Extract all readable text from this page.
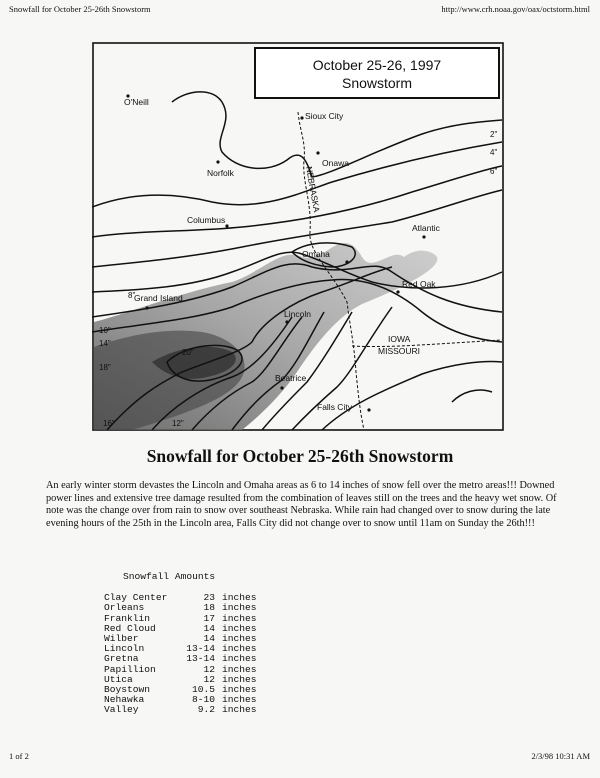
Snowfall for October 25-26th Snowstorm	http://www.crh.noaa.gov/oax/octstorm.html
October 25-26, 1997
Snowstorm
O'Neill
Sioux City
Onawa
Norfolk
Columbus
Atlantic
Omaha
Red Oak
Grand Island
Lincoln
Beatrice
Falls City
NEBRASKA
IOWA
MISSOURI
2"
4"
6"
8"
10"
14"
18"
20"
16"	12"
Snowfall for October 25-26th Snowstorm
An early winter storm devastes the Lincoln and Omaha areas as 6 to 14 inches of snow fell over the metro areas!!! Downed power lines and extensive tree damage resulted from the combination of leaves still on the trees and the heavy wet snow. Of note was the change over from rain to snow over southeast Nebraska. While rain had changed over to snow during the late evening hours of the 25th in the Lincoln area, Falls City did not change over to snow until 11am on Sunday the 26th!!!
Snowfall Amounts
Clay Center	23 inches
Orleans	18 inches
Franklin	17 inches
Red Cloud	14 inches
Wilber	14 inches
Lincoln	13-14 inches
Gretna	13-14 inches
Papillion	12 inches
Utica	12 inches
Boystown	10.5 inches
Nehawka	8-10 inches
Valley	9.2 inches
1 of 2	2/3/98 10:31 AM
